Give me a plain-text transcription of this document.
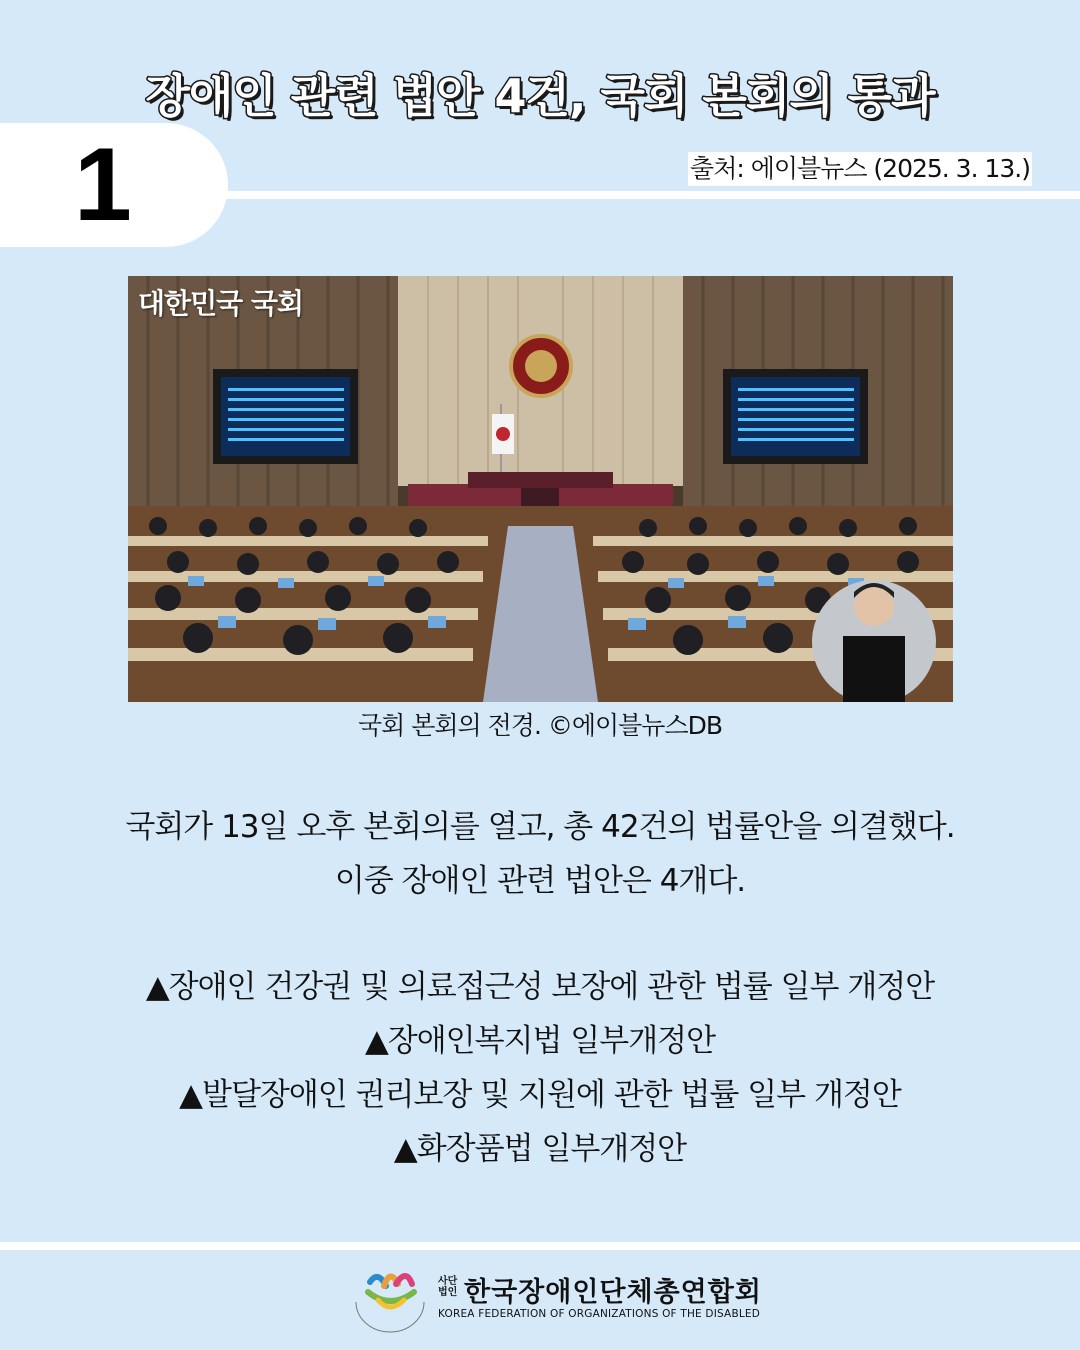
장애인 관련 법안 4건, 국회 본회의 통과
1	출처: 에이블뉴스 (2025. 3. 13.)
대한민국 국회
국회 본회의 전경. ©에이블뉴스DB
국회가 13일 오후 본회의를 열고, 총 42건의 법률안을 의결했다.
이중 장애인 관련 법안은 4개다.
▲장애인 건강권 및 의료접근성 보장에 관한 법률 일부 개정안
▲장애인복지법 일부개정안
▲발달장애인 권리보장 및 지원에 관한 법률 일부 개정안
▲화장품법 일부개정안
사단
법인 한국장애인단체총연합회
KOREA FEDERATION OF ORGANIZATIONS OF THE DISABLED
